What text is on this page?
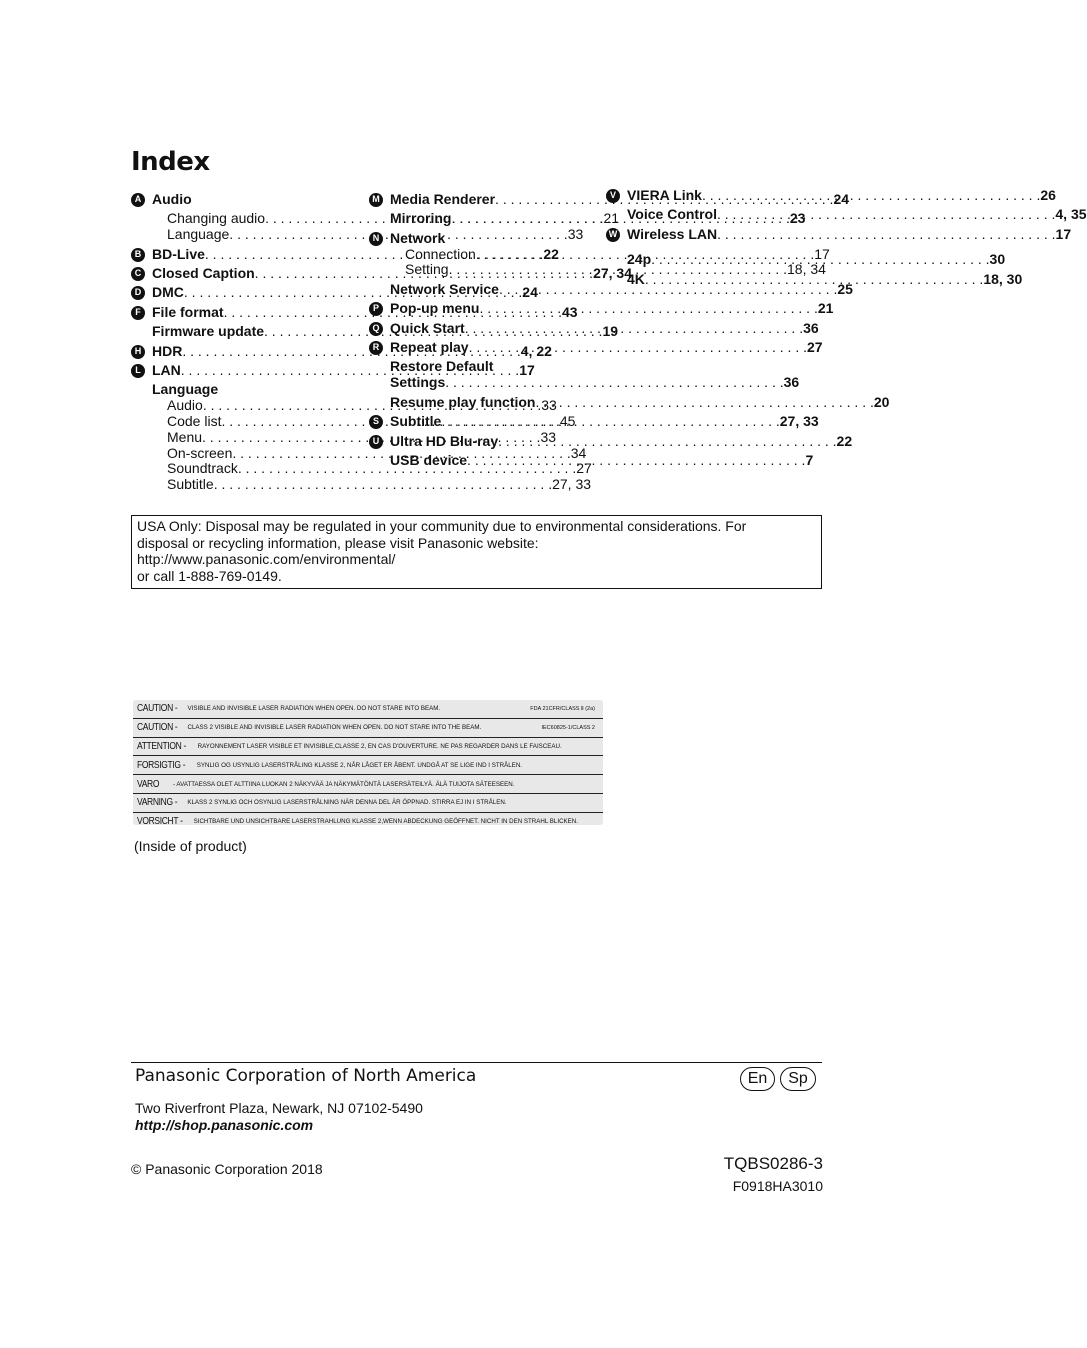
Index
A Audio
Changing audio . . .	21
Language . . .	33
B BD-Live . . .	22
C Closed Caption . . .	27, 34
D DMC . . .	24
F File format . . .	43
Firmware update . . .	19
H HDR . . .	4, 22
L LAN . . .	17
Language
Audio . . .	33
Code list . . .	45
Menu . . .	33
On-screen . . .	34
Soundtrack . . .	27
Subtitle . . .	27, 33
M Media Renderer . . .	24
Mirroring . . .	23
N Network
Connection . . .	17
Setting . . .	18, 34
Network Service . . .	25
P Pop-up menu . . .	21
Q Quick Start . . .	36
R Repeat play . . .	27
Restore Default
Settings . . .	36
Resume play function . . .	20
S Subtitle . . .	27, 33
U Ultra HD Blu-ray . . .	22
USB device . . .	7
V VIERA Link . . .	26
Voice Control . . .	4, 35
W Wireless LAN . . .	17
24p . . .	30
4K . . .	18, 30
USA Only: Disposal may be regulated in your community due to environmental considerations. For
disposal or recycling information, please visit Panasonic website:
http://www.panasonic.com/environmental/
or call 1-888-769-0149.
CAUTION - VISIBLE AND INVISIBLE LASER RADIATION WHEN OPEN. DO NOT STARE INTO BEAM.	FDA 21CFR/CLASS Ⅱ (2a)
CAUTION - CLASS 2 VISIBLE AND INVISIBLE LASER RADIATION WHEN OPEN. DO NOT STARE INTO THE BEAM.	IEC60825-1/CLASS 2
ATTENTION - RAYONNEMENT LASER VISIBLE ET INVISIBLE,CLASSE 2, EN CAS D'OUVERTURE. NE PAS REGARDER DANS LE FAISCEAU.
FORSIGTIG - SYNLIG OG USYNLIG LASERSTRÅLING KLASSE 2, NÅR LÅGET ER ÅBENT. UNDGÅ AT SE LIGE IND I STRÅLEN.
VARO - AVATTAESSA OLET ALTTIINA LUOKAN 2 NÄKYVÄÄ JA NÄKYMÄTÖNTÄ LASERSÄTEILYÄ. ÄLÄ TUIJOTA SÄTEESEEN.
VARNING - KLASS 2 SYNLIG OCH OSYNLIG LASERSTRÅLNING NÄR DENNA DEL ÄR ÖPPNAD. STIRRA EJ IN I STRÅLEN.
VORSICHT - SICHTBARE UND UNSICHTBARE LASERSTRAHLUNG KLASSE 2,WENN ABDECKUNG GEÖFFNET. NICHT IN DEN STRAHL BLICKEN.
(Inside of product)
Panasonic Corporation of North America	En	Sp
Two Riverfront Plaza, Newark, NJ 07102-5490
http://shop.panasonic.com
© Panasonic Corporation 2018	TQBS0286-3
F0918HA3010
